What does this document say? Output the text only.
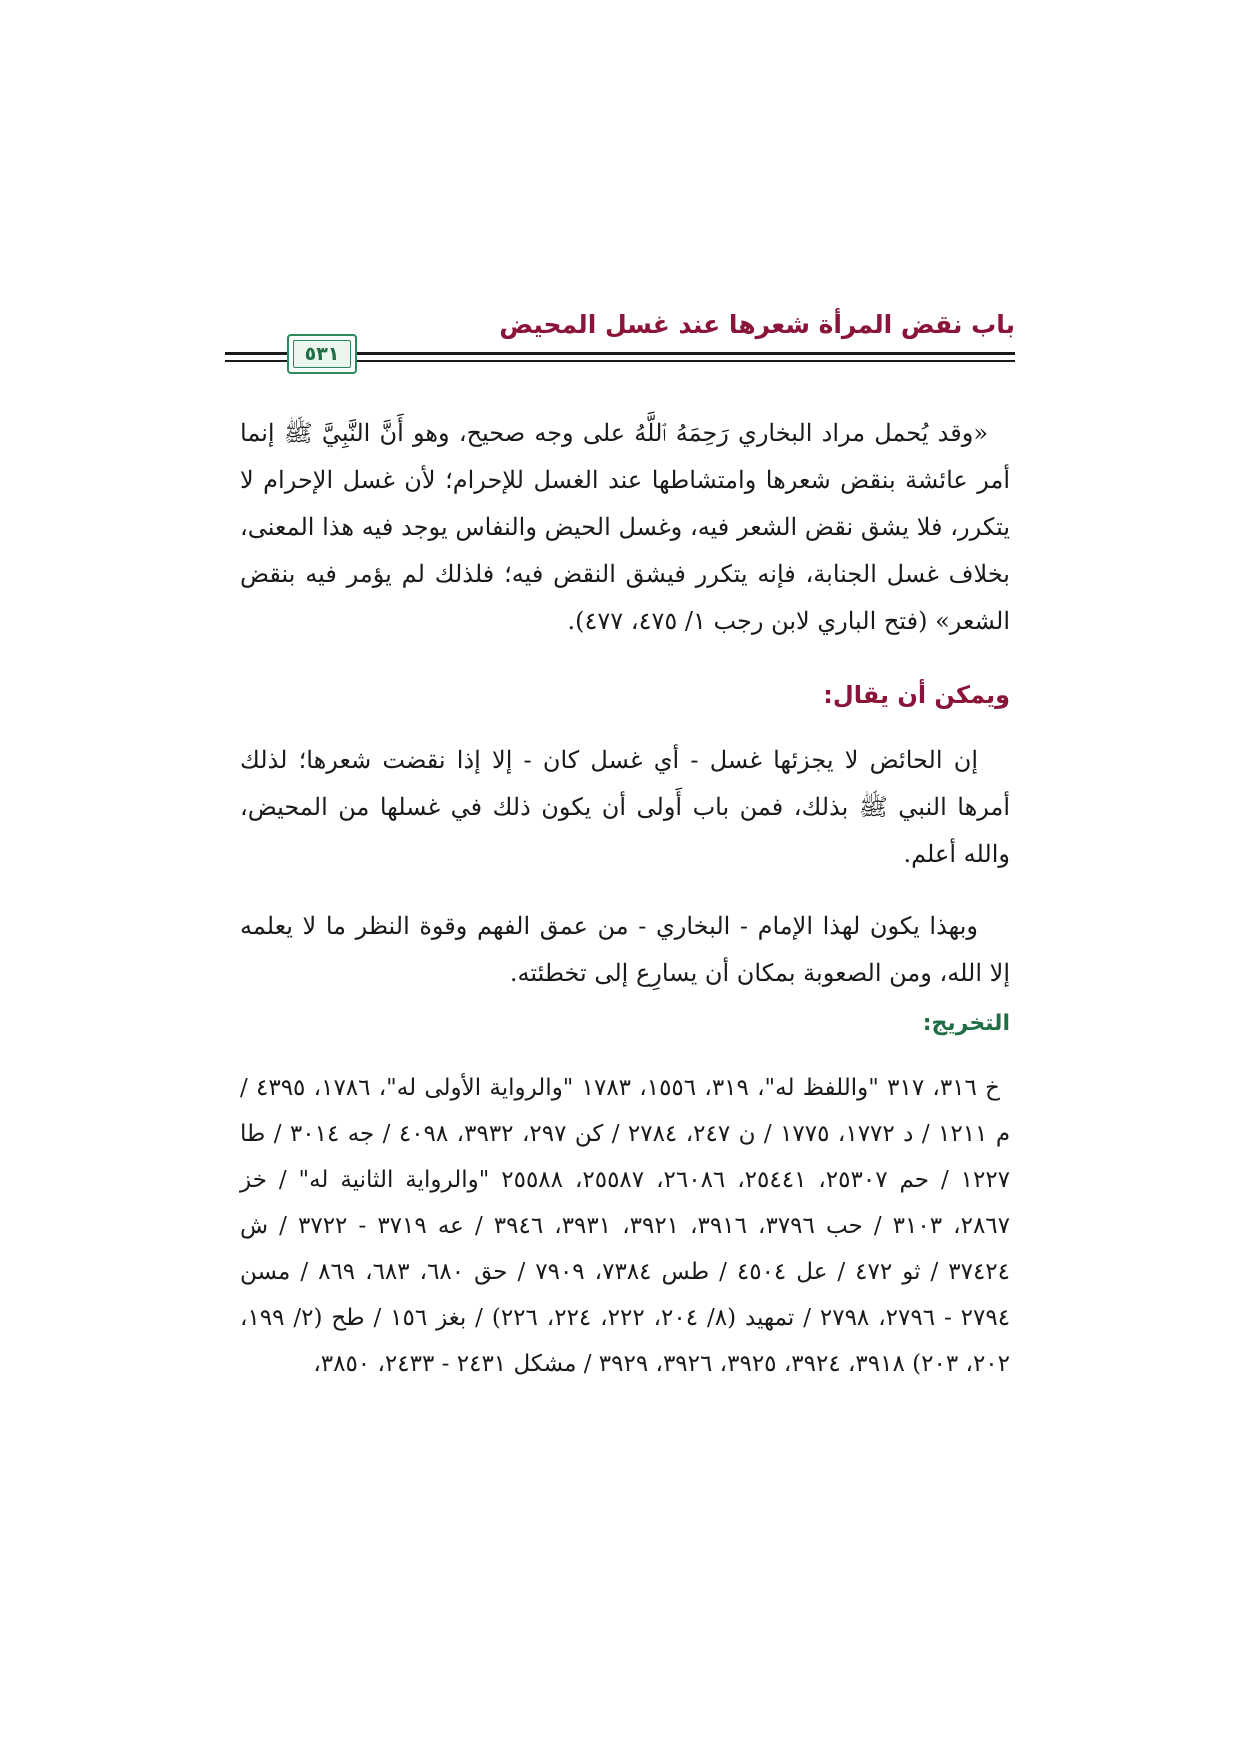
باب نقض المرأة شعرها عند غسل المحيض
٥٣١

«وقد يُحمل مراد البخاري رَحِمَهُ ٱللَّهُ على وجه صحيح، وهو أَنَّ النَّبِيَّ ﷺ إنما أمر عائشة بنقض شعرها وامتشاطها عند الغسل للإحرام؛ لأن غسل الإحرام لا يتكرر، فلا يشق نقض الشعر فيه، وغسل الحيض والنفاس يوجد فيه هذا المعنى، بخلاف غسل الجنابة، فإنه يتكرر فيشق النقض فيه؛ فلذلك لم يؤمر فيه بنقض الشعر» (فتح الباري لابن رجب ١/ ٤٧٥، ٤٧٧).

ويمكن أن يقال:

إن الحائض لا يجزئها غسل - أي غسل كان - إلا إذا نقضت شعرها؛ لذلك أمرها النبي ﷺ بذلك، فمن باب أَولى أن يكون ذلك في غسلها من المحيض، والله أعلم.

وبهذا يكون لهذا الإمام - البخاري - من عمق الفهم وقوة النظر ما لا يعلمه إلا الله، ومن الصعوبة بمكان أن يسارِع إلى تخطئته.

التخريج:

خ ٣١٦، ٣١٧ "واللفظ له"، ٣١٩، ١٥٥٦، ١٧٨٣ "والرواية الأولى له"، ١٧٨٦، ٤٣٩٥ / م ١٢١١ / د ١٧٧٢، ١٧٧٥ / ن ٢٤٧، ٢٧٨٤ / كن ٢٩٧، ٣٩٣٢، ٤٠٩٨ / جه ٣٠١٤ / طا ١٢٢٧ / حم ٢٥٣٠٧، ٢٥٤٤١، ٢٦٠٨٦، ٢٥٥٨٧، ٢٥٥٨٨ "والرواية الثانية له" / خز ٢٨٦٧، ٣١٠٣ / حب ٣٧٩٦، ٣٩١٦، ٣٩٢١، ٣٩٣١، ٣٩٤٦ / عه ٣٧١٩ - ٣٧٢٢ / ش ٣٧٤٢٤ / ثو ٤٧٢ / عل ٤٥٠٤ / طس ٧٣٨٤، ٧٩٠٩ / حق ٦٨٠، ٦٨٣، ٨٦٩ / مسن ٢٧٩٤ - ٢٧٩٦، ٢٧٩٨ / تمهيد (٨/ ٢٠٤، ٢٢٢، ٢٢٤، ٢٢٦) / بغز ١٥٦ / طح (٢/ ١٩٩، ٢٠٢، ٢٠٣) ٣٩١٨، ٣٩٢٤، ٣٩٢٥، ٣٩٢٦، ٣٩٢٩ / مشكل ٢٤٣١ - ٢٤٣٣، ٣٨٥٠،
